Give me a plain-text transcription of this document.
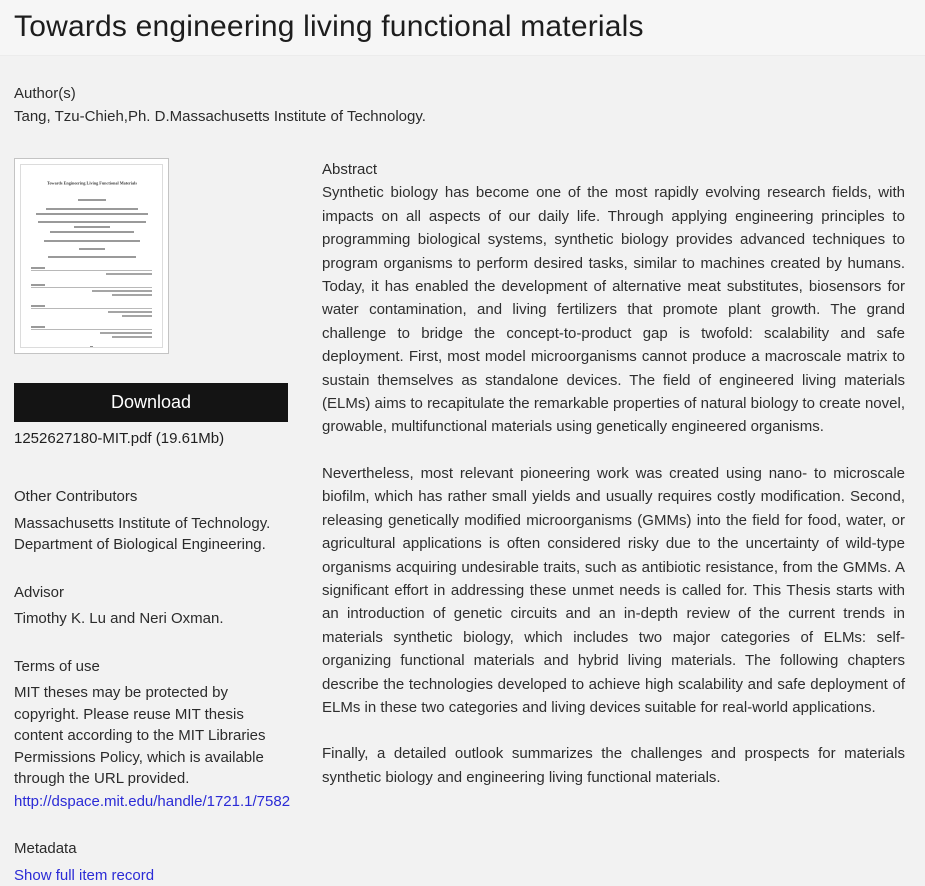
Towards engineering living functional materials
Author(s)
Tang, Tzu-Chieh,Ph. D.Massachusetts Institute of Technology.
Towards Engineering Living Functional Materials
Download
1252627180-MIT.pdf (19.61Mb)
Other Contributors
Massachusetts Institute of Technology.
Department of Biological Engineering.
Advisor
Timothy K. Lu and Neri Oxman.
Terms of use
MIT theses may be protected by copyright. Please reuse MIT thesis content according to the MIT Libraries Permissions Policy, which is available through the URL provided.
http://dspace.mit.edu/handle/1721.1/7582
Metadata
Show full item record
Abstract

Synthetic biology has become one of the most rapidly evolving research fields, with impacts on all aspects of our daily life. Through applying engineering principles to programming biological systems, synthetic biology provides advanced techniques to program organisms to perform desired tasks, similar to machines created by humans. Today, it has enabled the development of alternative meat substitutes, biosensors for water contamination, and living fertilizers that promote plant growth. The grand challenge to bridge the concept-to-product gap is twofold: scalability and safe deployment. First, most model microorganisms cannot produce a macroscale matrix to sustain themselves as standalone devices. The field of engineered living materials (ELMs) aims to recapitulate the remarkable properties of natural biology to create novel, growable, multifunctional materials using genetically engineered organisms.

Nevertheless, most relevant pioneering work was created using nano- to microscale biofilm, which has rather small yields and usually requires costly modification. Second, releasing genetically modified microorganisms (GMMs) into the field for food, water, or agricultural applications is often considered risky due to the uncertainty of wild-type organisms acquiring undesirable traits, such as antibiotic resistance, from the GMMs. A significant effort in addressing these unmet needs is called for. This Thesis starts with an introduction of genetic circuits and an in-depth review of the current trends in materials synthetic biology, which includes two major categories of ELMs: self-organizing functional materials and hybrid living materials. The following chapters describe the technologies developed to achieve high scalability and safe deployment of ELMs in these two categories and living devices suitable for real-world applications.

Finally, a detailed outlook summarizes the challenges and prospects for materials synthetic biology and engineering living functional materials.
